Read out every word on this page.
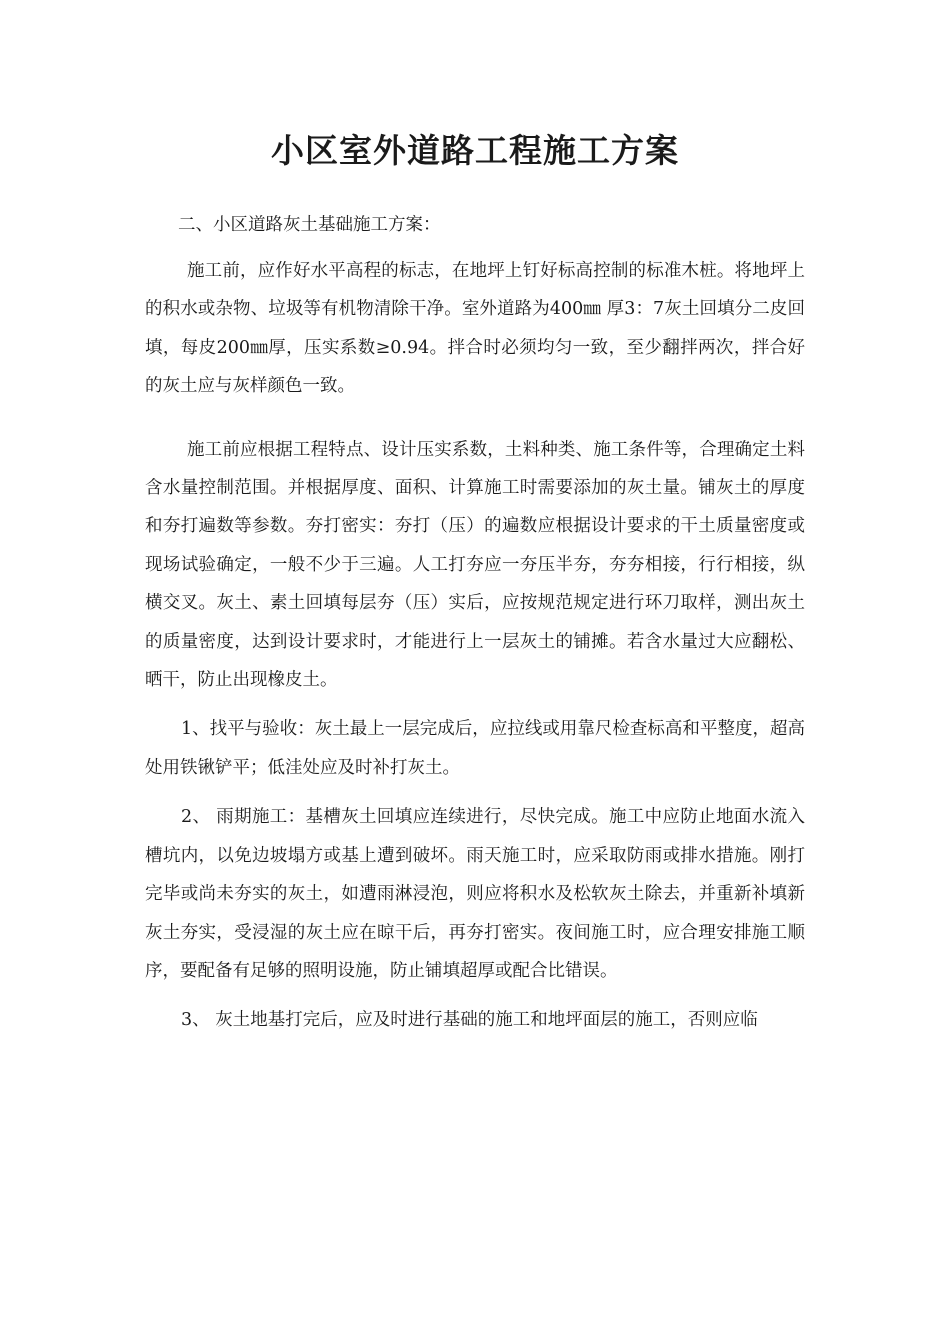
小区室外道路工程施工方案

二、小区道路灰土基础施工方案：

施工前，应作好水平高程的标志，在地坪上钉好标高控制的标准木桩。将地坪上的积水或杂物、垃圾等有机物清除干净。室外道路为400㎜ 厚3：7灰土回填分二皮回填，每皮200㎜厚，压实系数≥0.94。拌合时必须均匀一致，至少翻拌两次，拌合好的灰土应与灰样颜色一致。

施工前应根据工程特点、设计压实系数，土料种类、施工条件等，合理确定土料含水量控制范围。并根据厚度、面积、计算施工时需要添加的灰土量。铺灰土的厚度和夯打遍数等参数。夯打密实：夯打（压）的遍数应根据设计要求的干土质量密度或现场试验确定，一般不少于三遍。人工打夯应一夯压半夯，夯夯相接，行行相接，纵横交叉。灰土、素土回填每层夯（压）实后，应按规范规定进行环刀取样，测出灰土的质量密度，达到设计要求时，才能进行上一层灰土的铺摊。若含水量过大应翻松、晒干，防止出现橡皮土。

1、找平与验收：灰土最上一层完成后，应拉线或用靠尺检查标高和平整度，超高处用铁锹铲平；低洼处应及时补打灰土。

2、 雨期施工：基槽灰土回填应连续进行，尽快完成。施工中应防止地面水流入槽坑内，以免边坡塌方或基上遭到破坏。雨天施工时，应采取防雨或排水措施。刚打完毕或尚未夯实的灰土，如遭雨淋浸泡，则应将积水及松软灰土除去，并重新补填新灰土夯实，受浸湿的灰土应在晾干后，再夯打密实。夜间施工时，应合理安排施工顺序，要配备有足够的照明设施，防止铺填超厚或配合比错误。

3、 灰土地基打完后，应及时进行基础的施工和地坪面层的施工，否则应临
